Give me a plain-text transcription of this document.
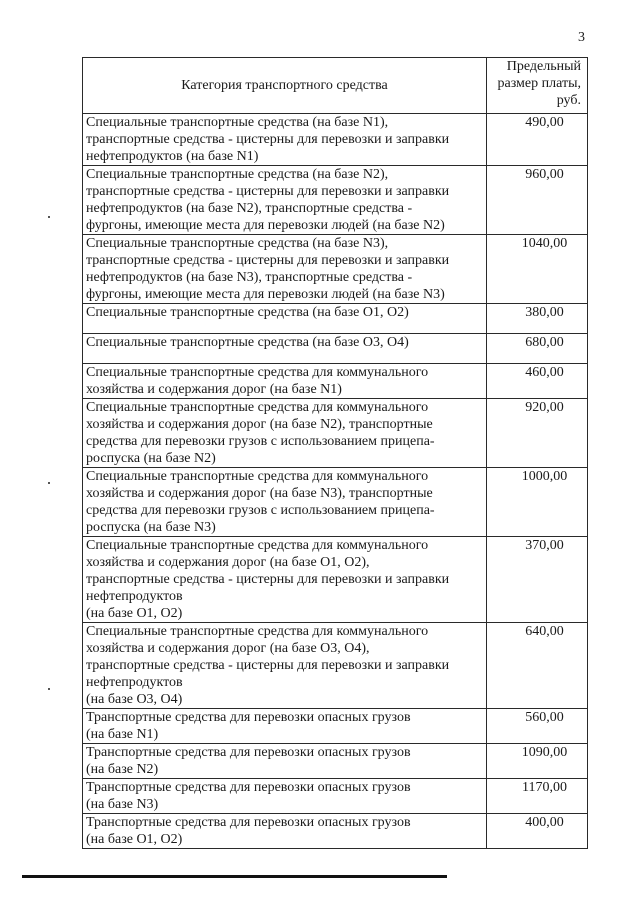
3
Категория транспортного средства	Предельный размер платы, руб.
Специальные транспортные средства (на базе N1),
транспортные средства - цистерны для перевозки и заправки
нефтепродуктов (на базе N1)	490,00
Специальные транспортные средства (на базе N2),
транспортные средства - цистерны для перевозки и заправки
нефтепродуктов (на базе N2), транспортные средства -
фургоны, имеющие места для перевозки людей (на базе N2)	960,00
Специальные транспортные средства (на базе N3),
транспортные средства - цистерны для перевозки и заправки
нефтепродуктов (на базе N3), транспортные средства -
фургоны, имеющие места для перевозки людей (на базе N3)	1040,00
Специальные транспортные средства (на базе O1, O2)	380,00
Специальные транспортные средства (на базе O3, O4)	680,00
Специальные транспортные средства для коммунального
хозяйства и содержания дорог (на базе N1)	460,00
Специальные транспортные средства для коммунального
хозяйства и содержания дорог (на базе N2), транспортные
средства для перевозки грузов с использованием прицепа-
роспуска (на базе N2)	920,00
Специальные транспортные средства для коммунального
хозяйства и содержания дорог (на базе N3), транспортные
средства для перевозки грузов с использованием прицепа-
роспуска (на базе N3)	1000,00
Специальные транспортные средства для коммунального
хозяйства и содержания дорог (на базе O1, O2),
транспортные средства - цистерны для перевозки и заправки
нефтепродуктов
(на базе O1, O2)	370,00
Специальные транспортные средства для коммунального
хозяйства и содержания дорог (на базе O3, O4),
транспортные средства - цистерны для перевозки и заправки
нефтепродуктов
(на базе O3, O4)	640,00
Транспортные средства для перевозки опасных грузов
(на базе N1)	560,00
Транспортные средства для перевозки опасных грузов
(на базе N2)	1090,00
Транспортные средства для перевозки опасных грузов
(на базе N3)	1170,00
Транспортные средства для перевозки опасных грузов
(на базе O1, O2)	400,00
